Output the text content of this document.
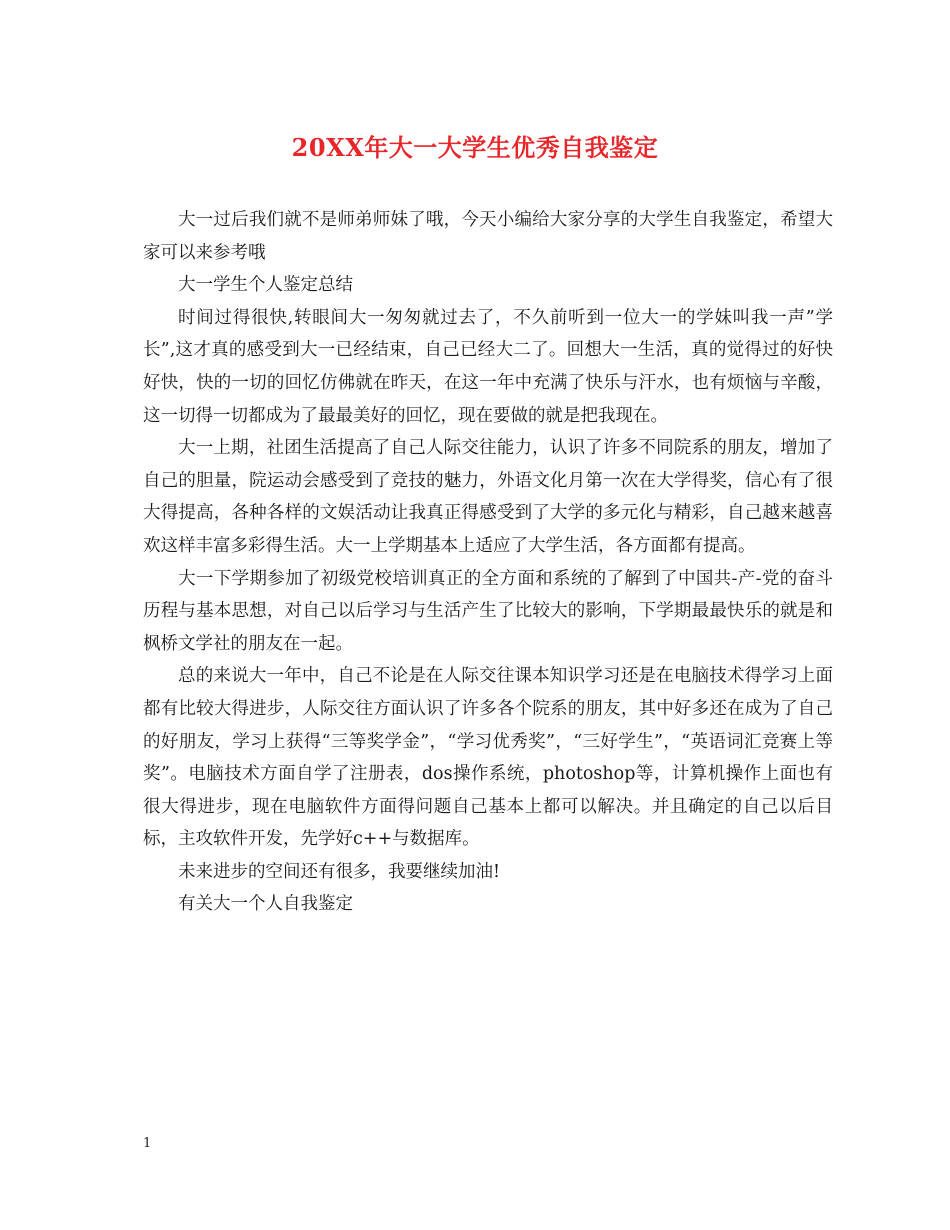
20XX年大一大学生优秀自我鉴定

大一过后我们就不是师弟师妹了哦，今天小编给大家分享的大学生自我鉴定，希望大家可以来参考哦

大一学生个人鉴定总结

时间过得很快,转眼间大一匆匆就过去了，不久前听到一位大一的学妹叫我一声”学长”,这才真的感受到大一已经结束，自己已经大二了。回想大一生活，真的觉得过的好快好快，快的一切的回忆仿佛就在昨天，在这一年中充满了快乐与汗水，也有烦恼与辛酸，这一切得一切都成为了最最美好的回忆，现在要做的就是把我现在。

大一上期，社团生活提高了自己人际交往能力，认识了许多不同院系的朋友，增加了自己的胆量，院运动会感受到了竞技的魅力，外语文化月第一次在大学得奖，信心有了很大得提高，各种各样的文娱活动让我真正得感受到了大学的多元化与精彩，自己越来越喜欢这样丰富多彩得生活。大一上学期基本上适应了大学生活，各方面都有提高。

大一下学期参加了初级党校培训真正的全方面和系统的了解到了中国共-产-党的奋斗历程与基本思想，对自己以后学习与生活产生了比较大的影响，下学期最最快乐的就是和枫桥文学社的朋友在一起。

总的来说大一年中，自己不论是在人际交往课本知识学习还是在电脑技术得学习上面都有比较大得进步，人际交往方面认识了许多各个院系的朋友，其中好多还在成为了自己的好朋友，学习上获得“三等奖学金”，“学习优秀奖”，“三好学生”，“英语词汇竞赛上等奖”。电脑技术方面自学了注册表，dos操作系统，photoshop等，计算机操作上面也有很大得进步，现在电脑软件方面得问题自己基本上都可以解决。并且确定的自己以后目标，主攻软件开发，先学好c++与数据库。

未来进步的空间还有很多，我要继续加油!

有关大一个人自我鉴定

1
